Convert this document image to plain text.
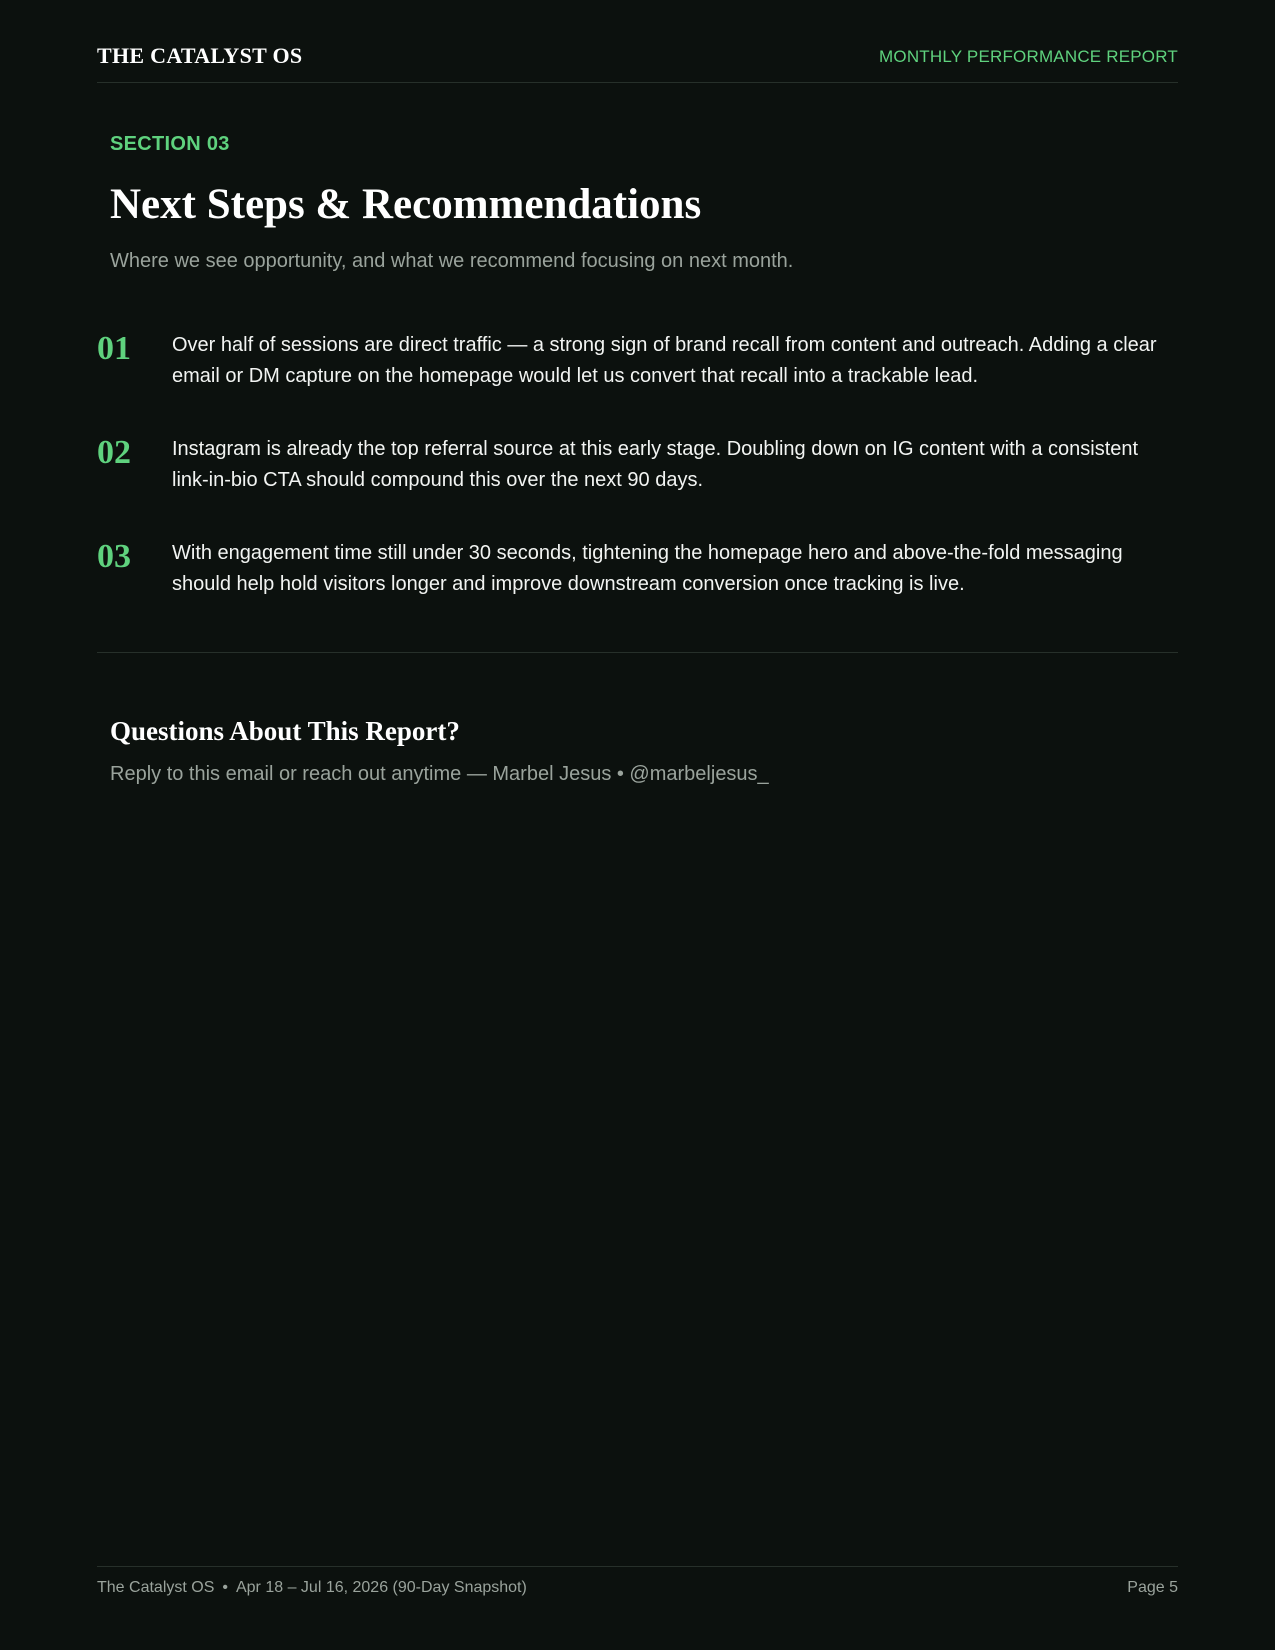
THE CATALYST OS	MONTHLY PERFORMANCE REPORT
SECTION 03
Next Steps & Recommendations
Where we see opportunity, and what we recommend focusing on next month.
01 Over half of sessions are direct traffic — a strong sign of brand recall from content and outreach. Adding a clear email or DM capture on the homepage would let us convert that recall into a trackable lead.
02 Instagram is already the top referral source at this early stage. Doubling down on IG content with a consistent link-in-bio CTA should compound this over the next 90 days.
03 With engagement time still under 30 seconds, tightening the homepage hero and above-the-fold messaging should help hold visitors longer and improve downstream conversion once tracking is live.
Questions About This Report?
Reply to this email or reach out anytime — Marbel Jesus • @marbeljesus_
The Catalyst OS • Apr 18 – Jul 16, 2026 (90-Day Snapshot)	Page 5
